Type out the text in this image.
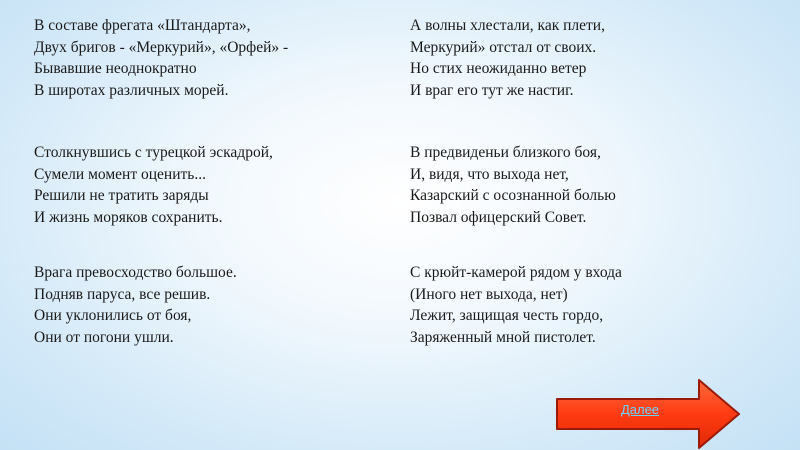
В составе фрегата «Штандарта»,
Двух бригов - «Меркурий», «Орфей» -
Бывавшие неоднократно
В широтах различных морей.
Столкнувшись с турецкой эскадрой,
Сумели момент оценить...
Решили не тратить заряды
И жизнь моряков сохранить.
Врага превосходство большое.
Подняв паруса, все решив.
Они уклонились от боя,
Они от погони ушли.
А волны хлестали, как плети,
Меркурий» отстал от своих.
Но стих неожиданно ветер
И враг его тут же настиг.
В предвиденьи близкого боя,
И, видя, что выхода нет,
Казарский с осознанной болью
Позвал офицерский Совет.
С крюйт-камерой рядом у входа
(Иного нет выхода, нет)
Лежит, защищая честь гордо,
Заряженный мной пистолет.
Далее
